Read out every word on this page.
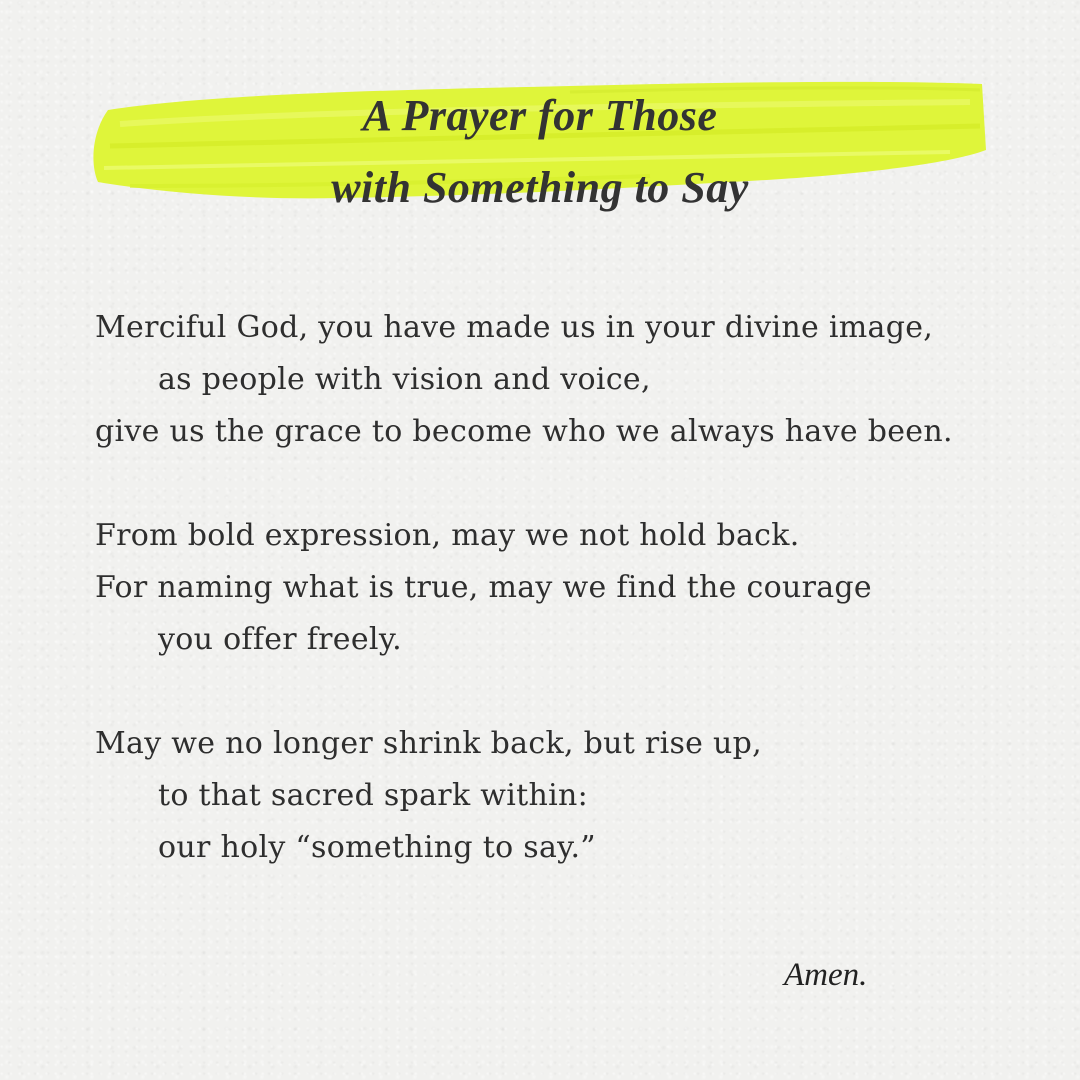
A Prayer for Those
with Something to Say
Merciful God, you have made us in your divine image,
as people with vision and voice,
give us the grace to become who we always have been.
From bold expression, may we not hold back.
For naming what is true, may we find the courage
you offer freely.
May we no longer shrink back, but rise up,
to that sacred spark within:
our holy “something to say.”
Amen.
